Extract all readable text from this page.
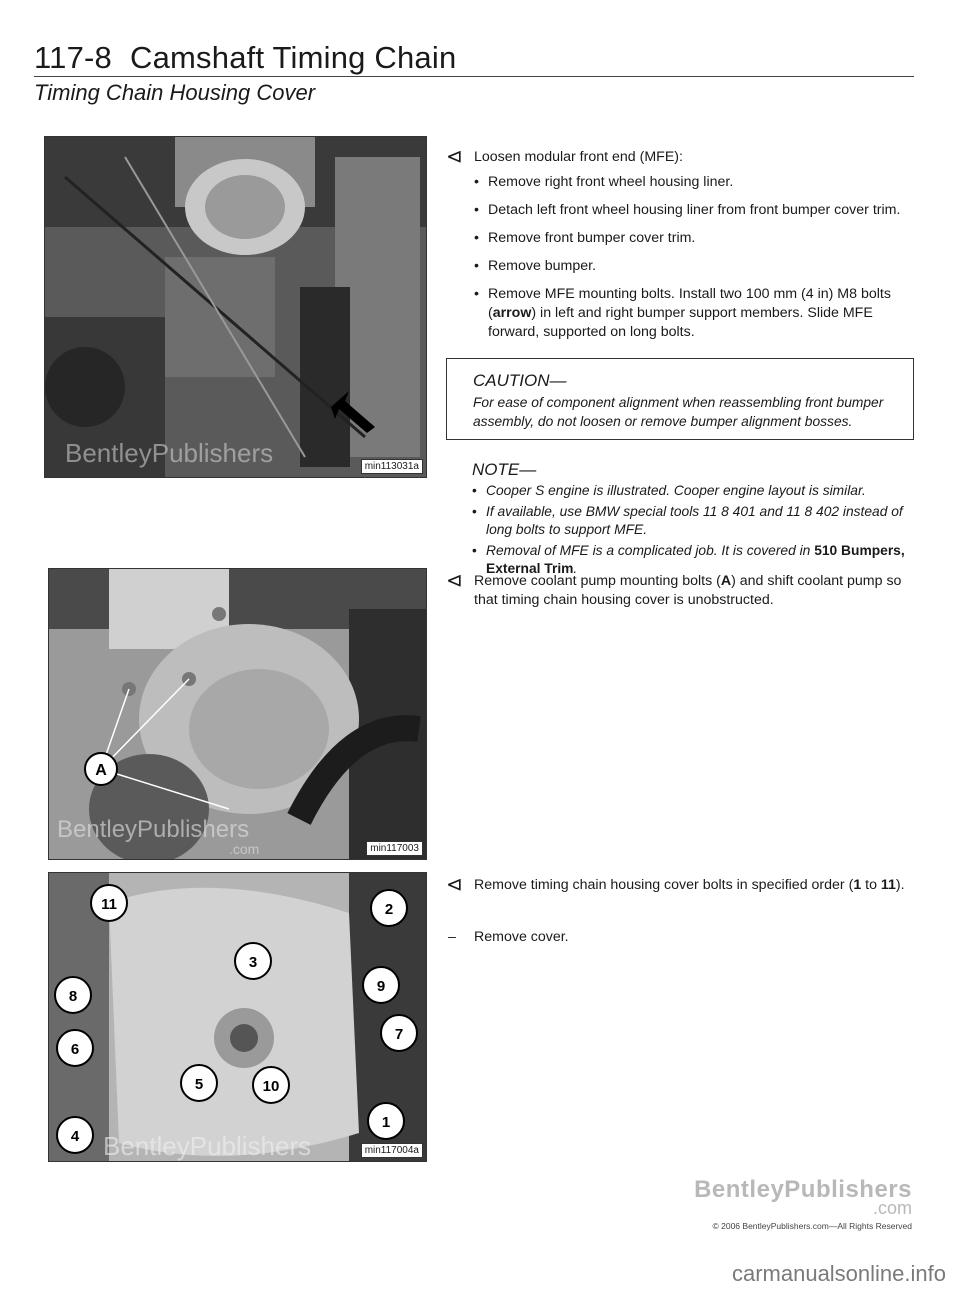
117-8 Camshaft Timing Chain
Timing Chain Housing Cover
BentleyPublishers	min113031a
A
BentleyPublishers
.com	min117003
11	2
3
8
9
6
7
5	10
4
1
BentleyPublishers	min117004a
⊲ Loosen modular front end (MFE):
• Remove right front wheel housing liner.
• Detach left front wheel housing liner from front bumper cover trim.
• Remove front bumper cover trim.
• Remove bumper.
• Remove MFE mounting bolts. Install two 100 mm (4 in) M8 bolts (arrow) in left and right bumper support members. Slide MFE forward, supported on long bolts.
CAUTION—

For ease of component alignment when reassembling front bumper assembly, do not loosen or remove bumper alignment bosses.

NOTE—
• Cooper S engine is illustrated. Cooper engine layout is similar.
• If available, use BMW special tools 11 8 401 and 11 8 402 instead of long bolts to support MFE.
• Removal of MFE is a complicated job. It is covered in 510 Bumpers, External Trim.
⊲ Remove coolant pump mounting bolts (A) and shift coolant pump so that timing chain housing cover is unobstructed.
⊲ Remove timing chain housing cover bolts in specified order (1 to 11).
– Remove cover.
BentleyPublishers
.com
© 2006 BentleyPublishers.com—All Rights Reserved
carmanualsonline.info
